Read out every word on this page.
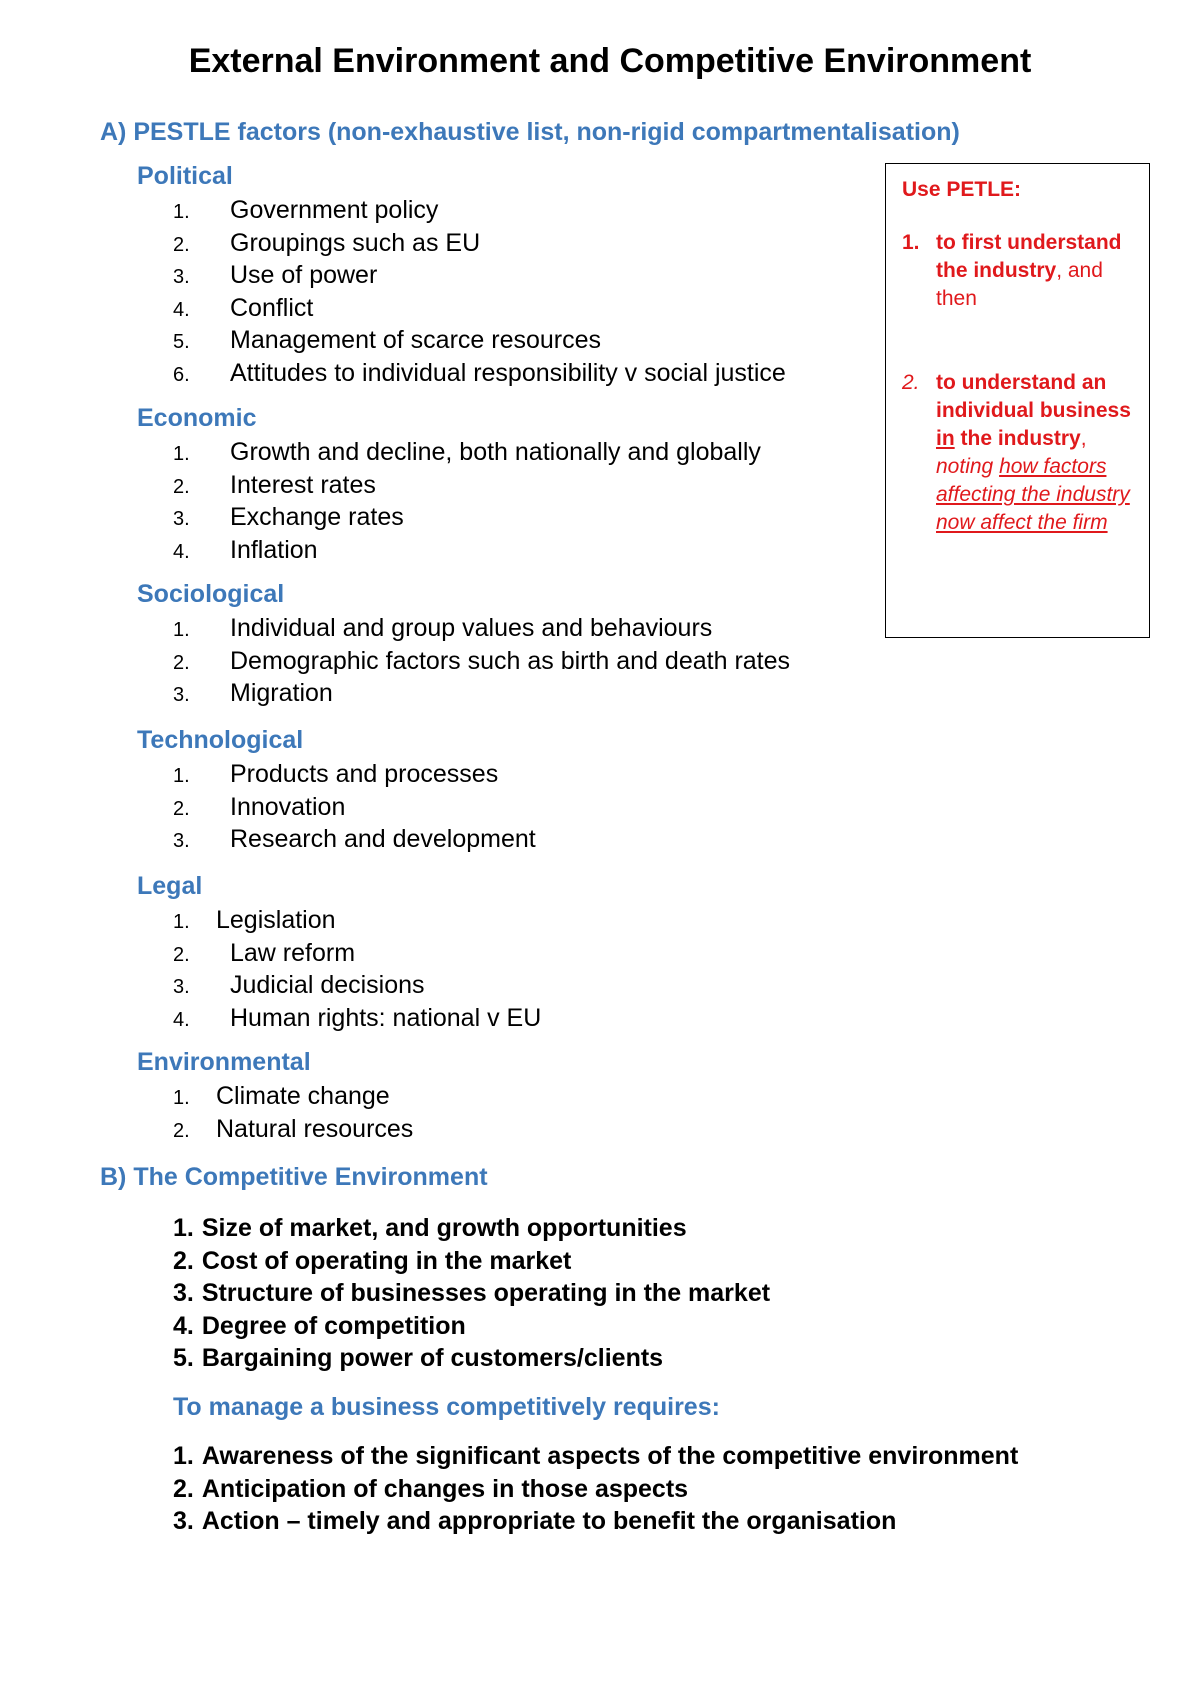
External Environment and Competitive Environment

A) PESTLE factors (non-exhaustive list, non-rigid compartmentalisation)

Political

1.	Government policy
2.	Groupings such as EU
3.	Use of power
4.	Conflict
5.	Management of scarce resources
6.	Attitudes to individual responsibility v social justice

Economic

1.	Growth and decline, both nationally and globally
2.	Interest rates
3.	Exchange rates
4.	Inflation

Sociological

1.	Individual and group values and behaviours
2.	Demographic factors such as birth and death rates
3.	Migration

Technological

1.	Products and processes
2.	Innovation
3.	Research and development

Legal

1.	Legislation
2.	Law reform
3.	Judicial decisions
4.	Human rights: national v EU

Environmental

1.	Climate change
2.	Natural resources

B) The Competitive Environment

1. Size of market, and growth opportunities
2. Cost of operating in the market
3. Structure of businesses operating in the market
4. Degree of competition
5. Bargaining power of customers/clients

To manage a business competitively requires:

1. Awareness of the significant aspects of the competitive environment
2. Anticipation of changes in those aspects
3. Action – timely and appropriate to benefit the organisation

Use PETLE:

1. to first understand the industry, and then
2. to understand an individual business in the industry, noting how factors affecting the industry now affect the firm
